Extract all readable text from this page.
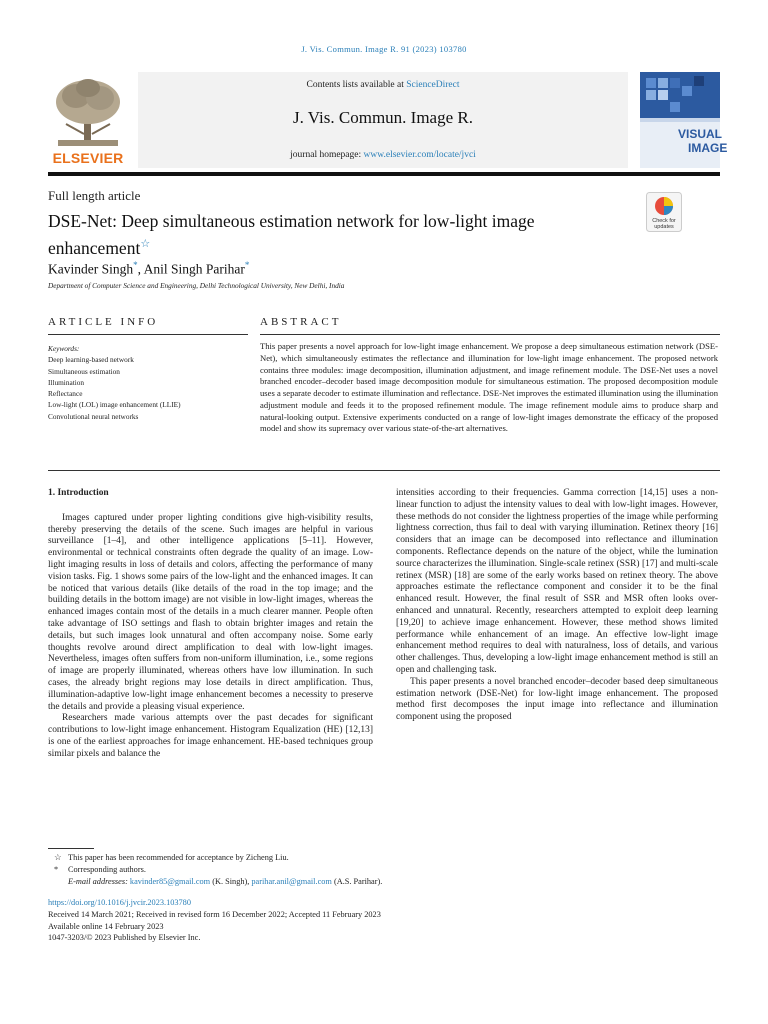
J. Vis. Commun. Image R. 91 (2023) 103780
ELSEVIER
Contents lists available at ScienceDirect
J. Vis. Commun. Image R.
journal homepage: www.elsevier.com/locate/jvci
VISUAL
IMAGE
Full length article
DSE-Net: Deep simultaneous estimation network for low-light image enhancement☆
Check for
updates
Kavinder Singh*, Anil Singh Parihar*
Department of Computer Science and Engineering, Delhi Technological University, New Delhi, India
ARTICLE INFO	ABSTRACT
Keywords:
Deep learning-based network
Simultaneous estimation
Illumination
Reflectance
Low-light (LOL) image enhancement (LLIE)
Convolutional neural networks
This paper presents a novel approach for low-light image enhancement. We propose a deep simultaneous estimation network (DSE-Net), which simultaneously estimates the reflectance and illumination for low-light image enhancement. The proposed network contains three modules: image decomposition, illumination adjustment, and image refinement module. The DSE-Net uses a novel branched encoder–decoder based image decomposition module for simultaneous estimation. The proposed decomposition module uses a separate decoder to estimate illumination and reflectance. DSE-Net improves the estimated illumination using the illumination adjustment module and feeds it to the proposed refinement module. The image refinement module aims to produce sharp and natural-looking output. Extensive experiments conducted on a range of low-light images demonstrate the efficacy of the proposed model and show its supremacy over various state-of-the-art alternatives.

1. Introduction

Images captured under proper lighting conditions give high-visibility results, thereby preserving the details of the scene. Such images are helpful in various surveillance [1–4], and other intelligence applications [5–11]. However, environmental or technical constraints often degrade the quality of an image. Low-light imaging results in loss of details and colors, affecting the performance of many vision tasks. Fig. 1 shows some pairs of the low-light and the enhanced images. It can be noticed that various details (like details of the road in the top image; and the building details in the bottom image) are not visible in low-light images, whereas the enhanced images contain most of the details in a much clearer manner. People often take advantage of ISO settings and flash to obtain brighter images and retain the details, but such images look unnatural and often accompany noise. Some early thoughts revolve around direct amplification to deal with low-light images. Nevertheless, images often suffers from non-uniform illumination, i.e., some regions of image are properly illuminated, whereas others have low illumination. In such cases, the already bright regions may lose details in direct amplification. Thus, illumination-adaptive low-light image enhancement becomes a necessity to preserve the details and provide a pleasing visual experience.

Researchers made various attempts over the past decades for significant contributions to low-light image enhancement. Histogram Equalization (HE) [12,13] is one of the earliest approaches for image enhancement. HE-based techniques group similar pixels and balance the

intensities according to their frequencies. Gamma correction [14,15] uses a non-linear function to adjust the intensity values to deal with low-light images. However, these methods do not consider the lightness properties of the image while performing lightness correction, thus fail to deal with varying illumination. Retinex theory [16] considers that an image can be decomposed into reflectance and illumination components. Reflectance depends on the nature of the object, while the lumination source characterizes the illumination. Single-scale retinex (SSR) [17] and multi-scale retinex (MSR) [18] are some of the early works based on retinex theory. The above approaches estimate the reflectance component and consider it to be the final enhanced result. However, the final result of SSR and MSR often looks over-enhanced and unnatural. Recently, researchers attempted to exploit deep learning [19,20] to achieve image enhancement. However, these method shows limited performance while enhancement of an image. An effective low-light image enhancement method requires to deal with naturalness, loss of details, and various other challenges. Thus, developing a low-light image enhancement method is still an open and challenging task.

This paper presents a novel branched encoder–decoder based deep simultaneous estimation network (DSE-Net) for low-light image enhancement. The proposed method first decomposes the input image into reflectance and illumination component using the proposed

☆ This paper has been recommended for acceptance by Zicheng Liu.
* Corresponding authors.
E-mail addresses: kavinder85@gmail.com (K. Singh), parihar.anil@gmail.com (A.S. Parihar).
https://doi.org/10.1016/j.jvcir.2023.103780
Received 14 March 2021; Received in revised form 16 December 2022; Accepted 11 February 2023
Available online 14 February 2023
1047-3203/© 2023 Published by Elsevier Inc.
